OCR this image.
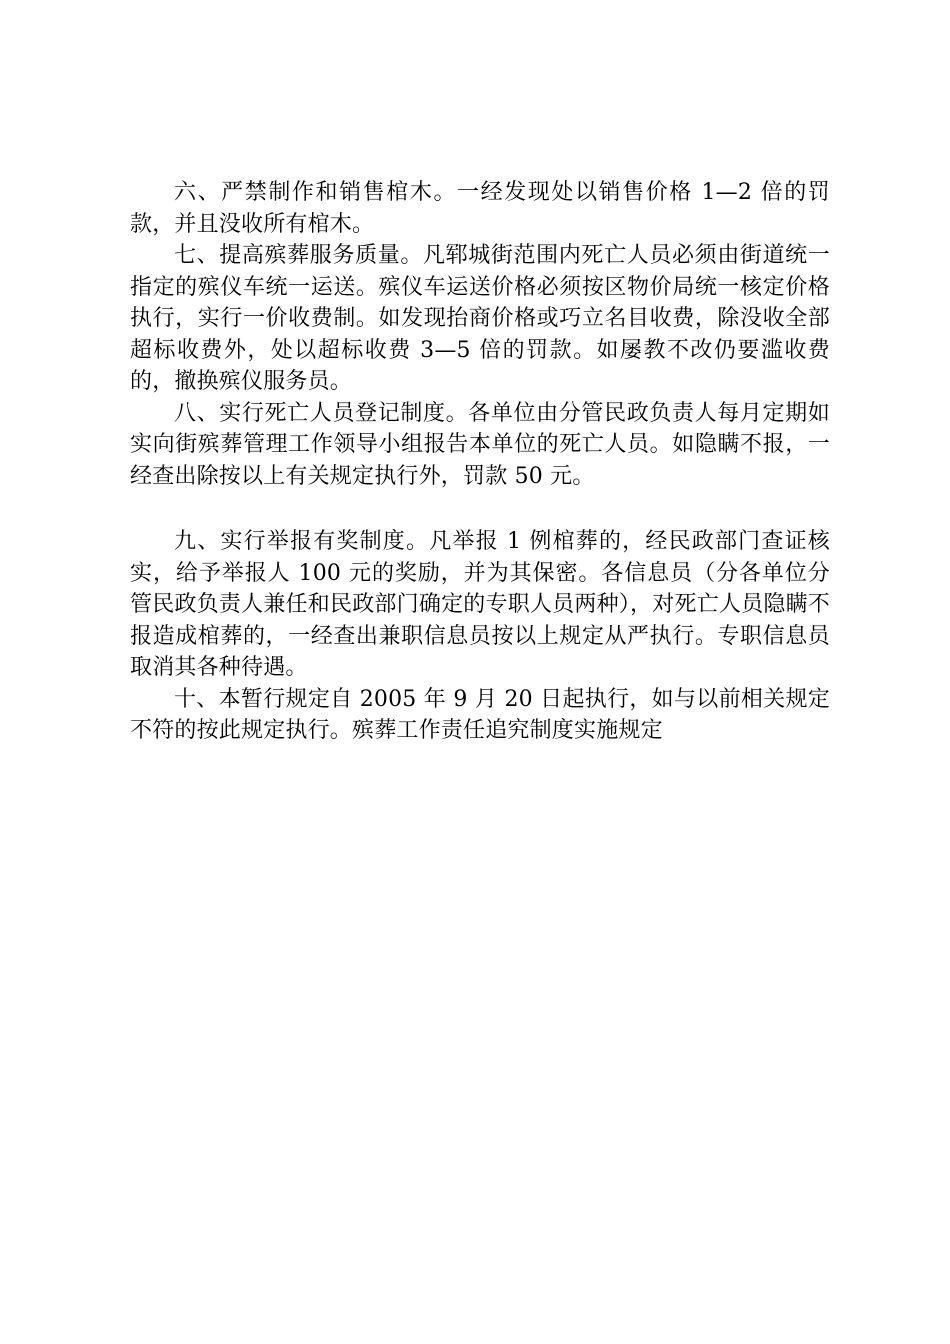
六、严禁制作和销售棺木。一经发现处以销售价格 1—2 倍的罚款，并且没收所有棺木。

七、提高殡葬服务质量。凡郓城街范围内死亡人员必须由街道统一指定的殡仪车统一运送。殡仪车运送价格必须按区物价局统一核定价格执行，实行一价收费制。如发现抬商价格或巧立名目收费，除没收全部超标收费外，处以超标收费 3—5 倍的罚款。如屡教不改仍要滥收费的，撤换殡仪服务员。

八、实行死亡人员登记制度。各单位由分管民政负责人每月定期如实向街殡葬管理工作领导小组报告本单位的死亡人员。如隐瞒不报，一经查出除按以上有关规定执行外，罚款 50 元。

九、实行举报有奖制度。凡举报 1 例棺葬的，经民政部门查证核实，给予举报人 100 元的奖励，并为其保密。各信息员（分各单位分管民政负责人兼任和民政部门确定的专职人员两种），对死亡人员隐瞒不报造成棺葬的，一经查出兼职信息员按以上规定从严执行。专职信息员取消其各种待遇。

十、本暂行规定自 2005 年 9 月 20 日起执行，如与以前相关规定不符的按此规定执行。殡葬工作责任追究制度实施规定
